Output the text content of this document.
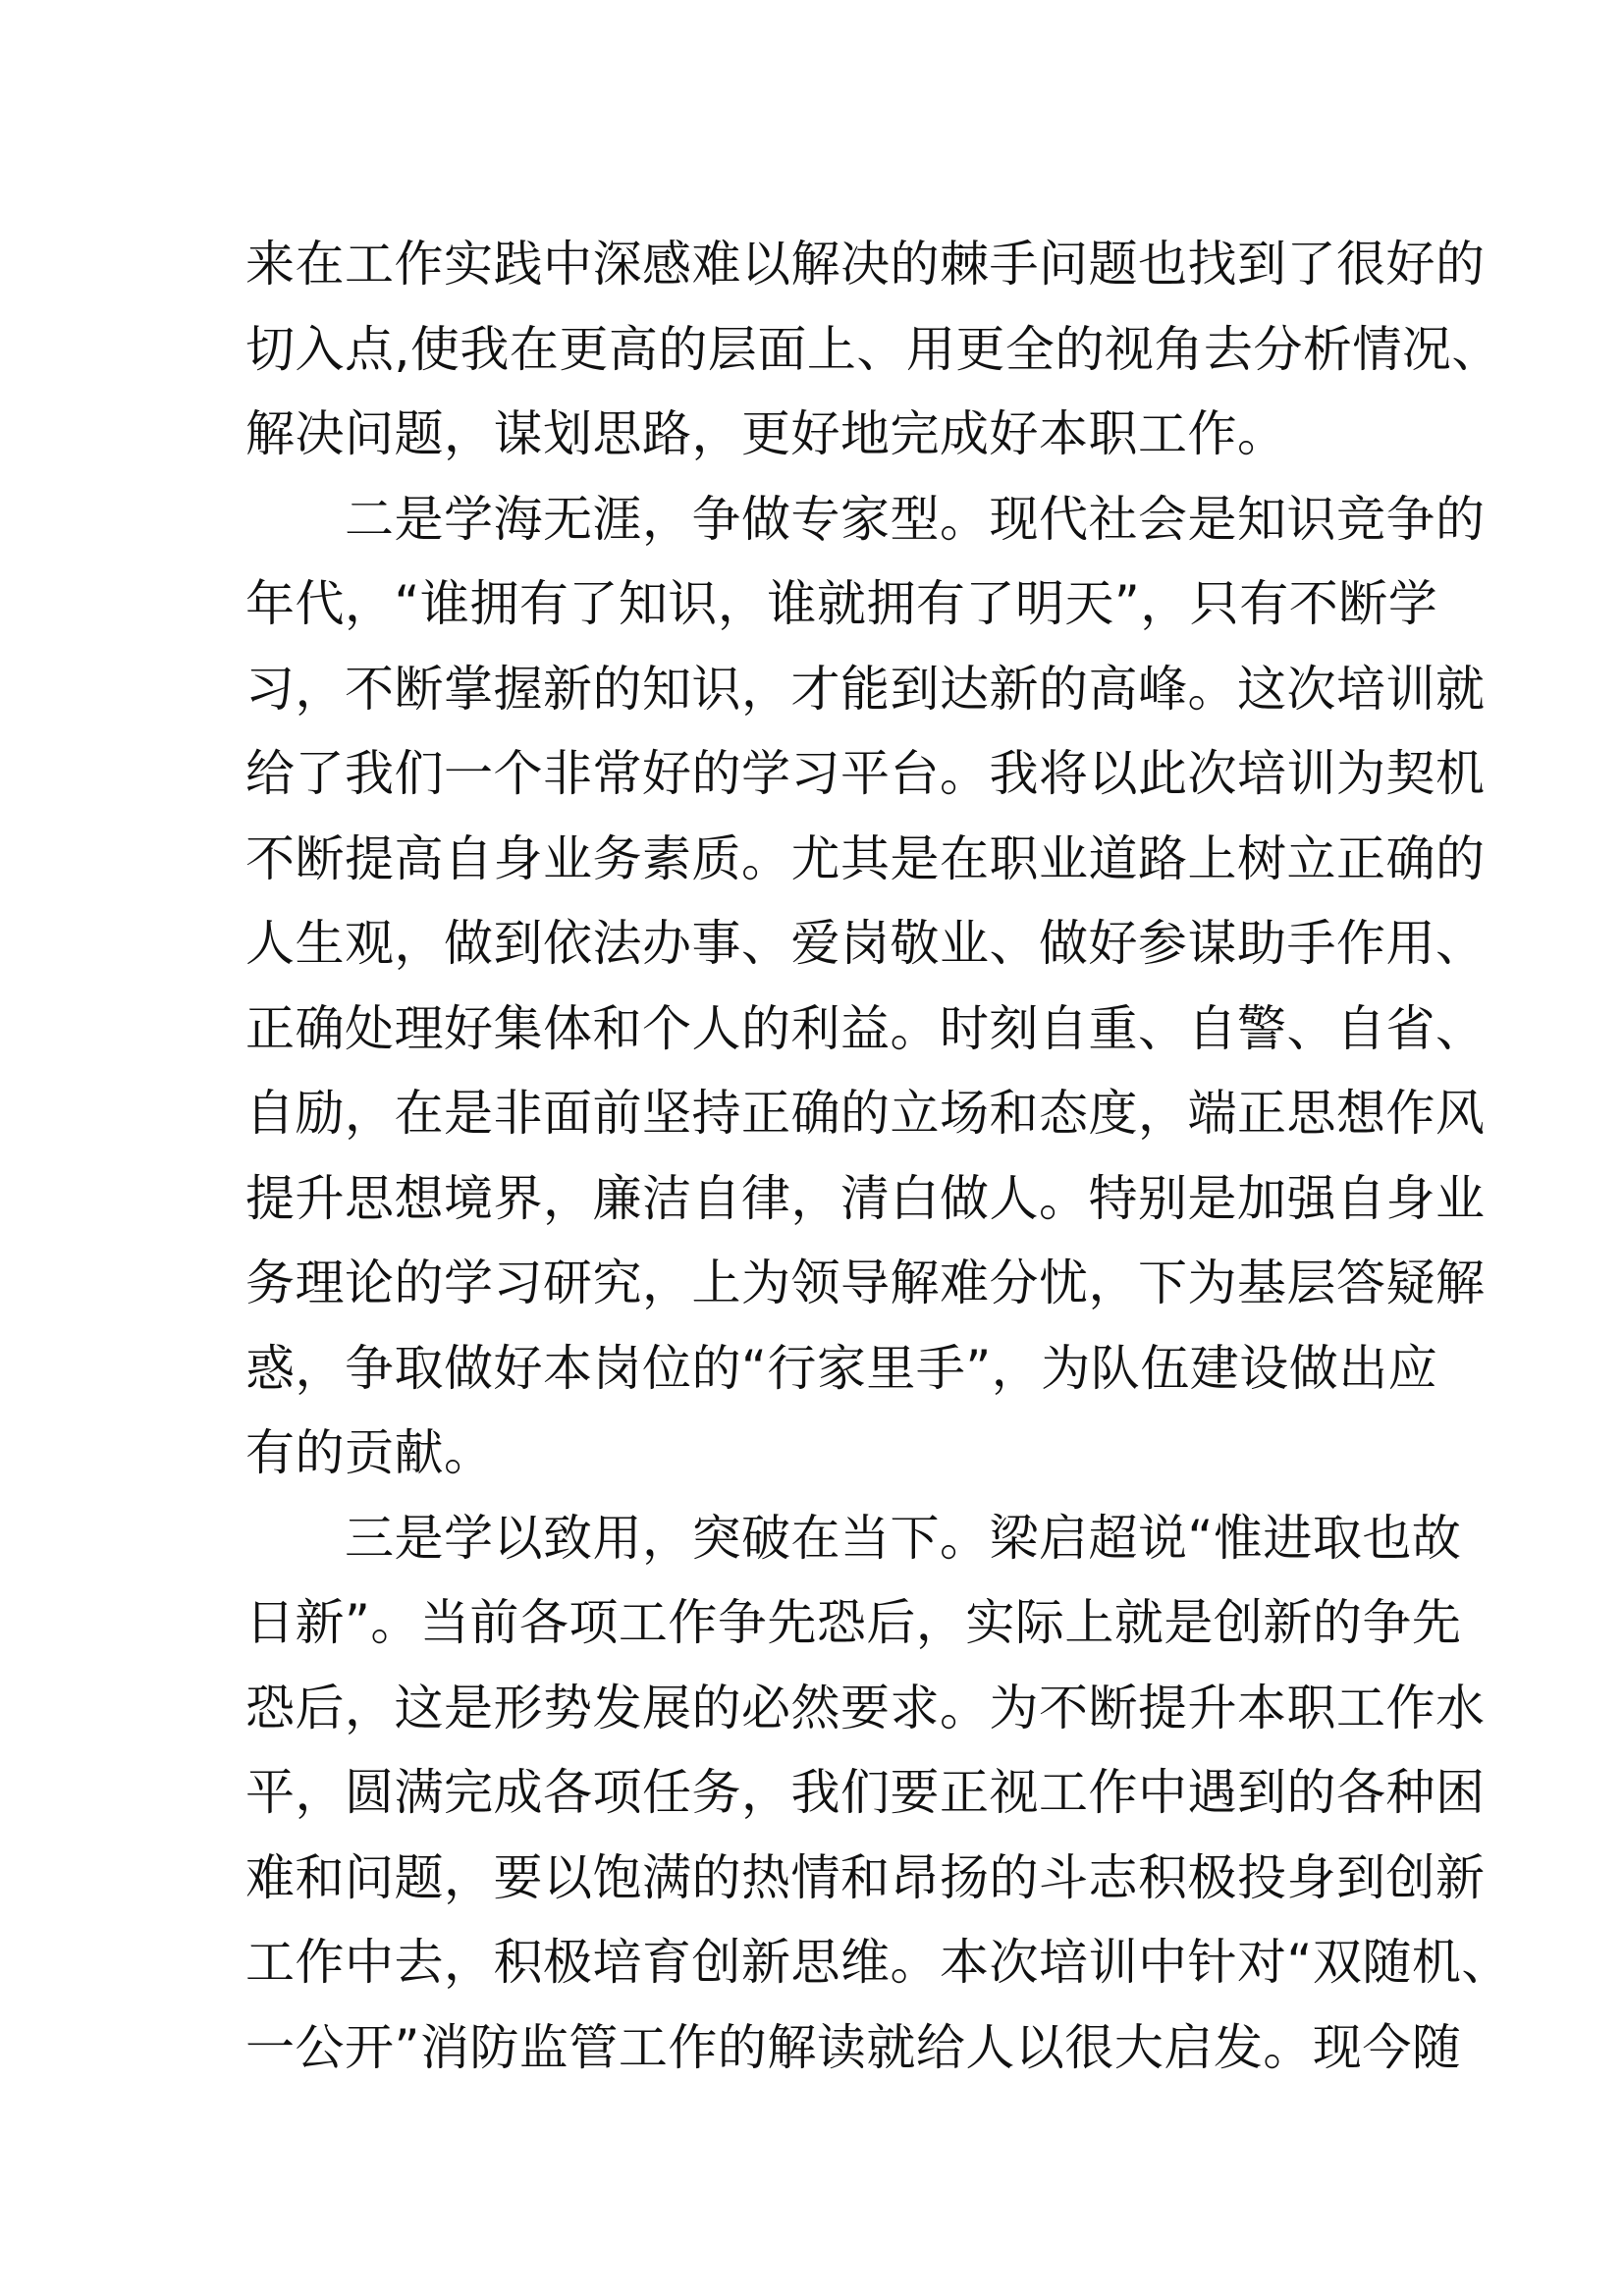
来在工作实践中深感难以解决的棘手问题也找到了很好的
切入点,使我在更高的层面上、用更全的视角去分析情况、
解决问题，谋划思路，更好地完成好本职工作。
　　二是学海无涯，争做专家型。现代社会是知识竞争的
年代，“谁拥有了知识，谁就拥有了明天”，只有不断学
习，不断掌握新的知识，才能到达新的高峰。这次培训就
给了我们一个非常好的学习平台。我将以此次培训为契机
不断提高自身业务素质。尤其是在职业道路上树立正确的
人生观，做到依法办事、爱岗敬业、做好参谋助手作用、
正确处理好集体和个人的利益。时刻自重、自警、自省、
自励，在是非面前坚持正确的立场和态度，端正思想作风
提升思想境界，廉洁自律，清白做人。特别是加强自身业
务理论的学习研究，上为领导解难分忧，下为基层答疑解
惑，争取做好本岗位的“行家里手”，为队伍建设做出应
有的贡献。
　　三是学以致用，突破在当下。梁启超说“惟进取也故
日新”。当前各项工作争先恐后，实际上就是创新的争先
恐后，这是形势发展的必然要求。为不断提升本职工作水
平，圆满完成各项任务，我们要正视工作中遇到的各种困
难和问题，要以饱满的热情和昂扬的斗志积极投身到创新
工作中去，积极培育创新思维。本次培训中针对“双随机、
一公开”消防监管工作的解读就给人以很大启发。现今随
